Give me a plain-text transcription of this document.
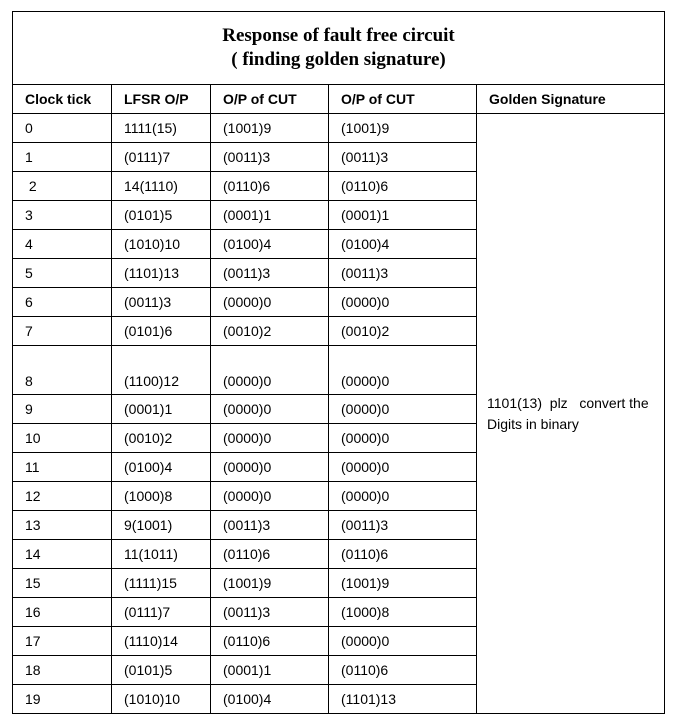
Response of fault free circuit
( finding golden signature)				

Clock tick	LFSR O/P	O/P of CUT	O/P of CUT	Golden Signature
0	1111(15)	(1001)9	(1001)9	1101(13)  plz   convert the
Digits in binary

1	(0111)7	(0011)3	(0011)3	
2	14(1110)	(0110)6	(0110)6	
3	(0101)5	(0001)1	(0001)1	
4	(1010)10	(0100)4	(0100)4	
5	(1101)13	(0011)3	(0011)3	
6	(0011)3	(0000)0	(0000)0	
7	(0101)6	(0010)2	(0010)2	
8	(1100)12	(0000)0	(0000)0	
9	(0001)1	(0000)0	(0000)0	
10	(0010)2	(0000)0	(0000)0	
11	(0100)4	(0000)0	(0000)0	
12	(1000)8	(0000)0	(0000)0	
13	9(1001)	(0011)3	(0011)3	
14	11(1011)	(0110)6	(0110)6	
15	(1111)15	(1001)9	(1001)9	
16	(0111)7	(0011)3	(1000)8	
17	(1110)14	(0110)6	(0000)0	
18	(0101)5	(0001)1	(0110)6	
19	(1010)10	(0100)4	(1101)13	
